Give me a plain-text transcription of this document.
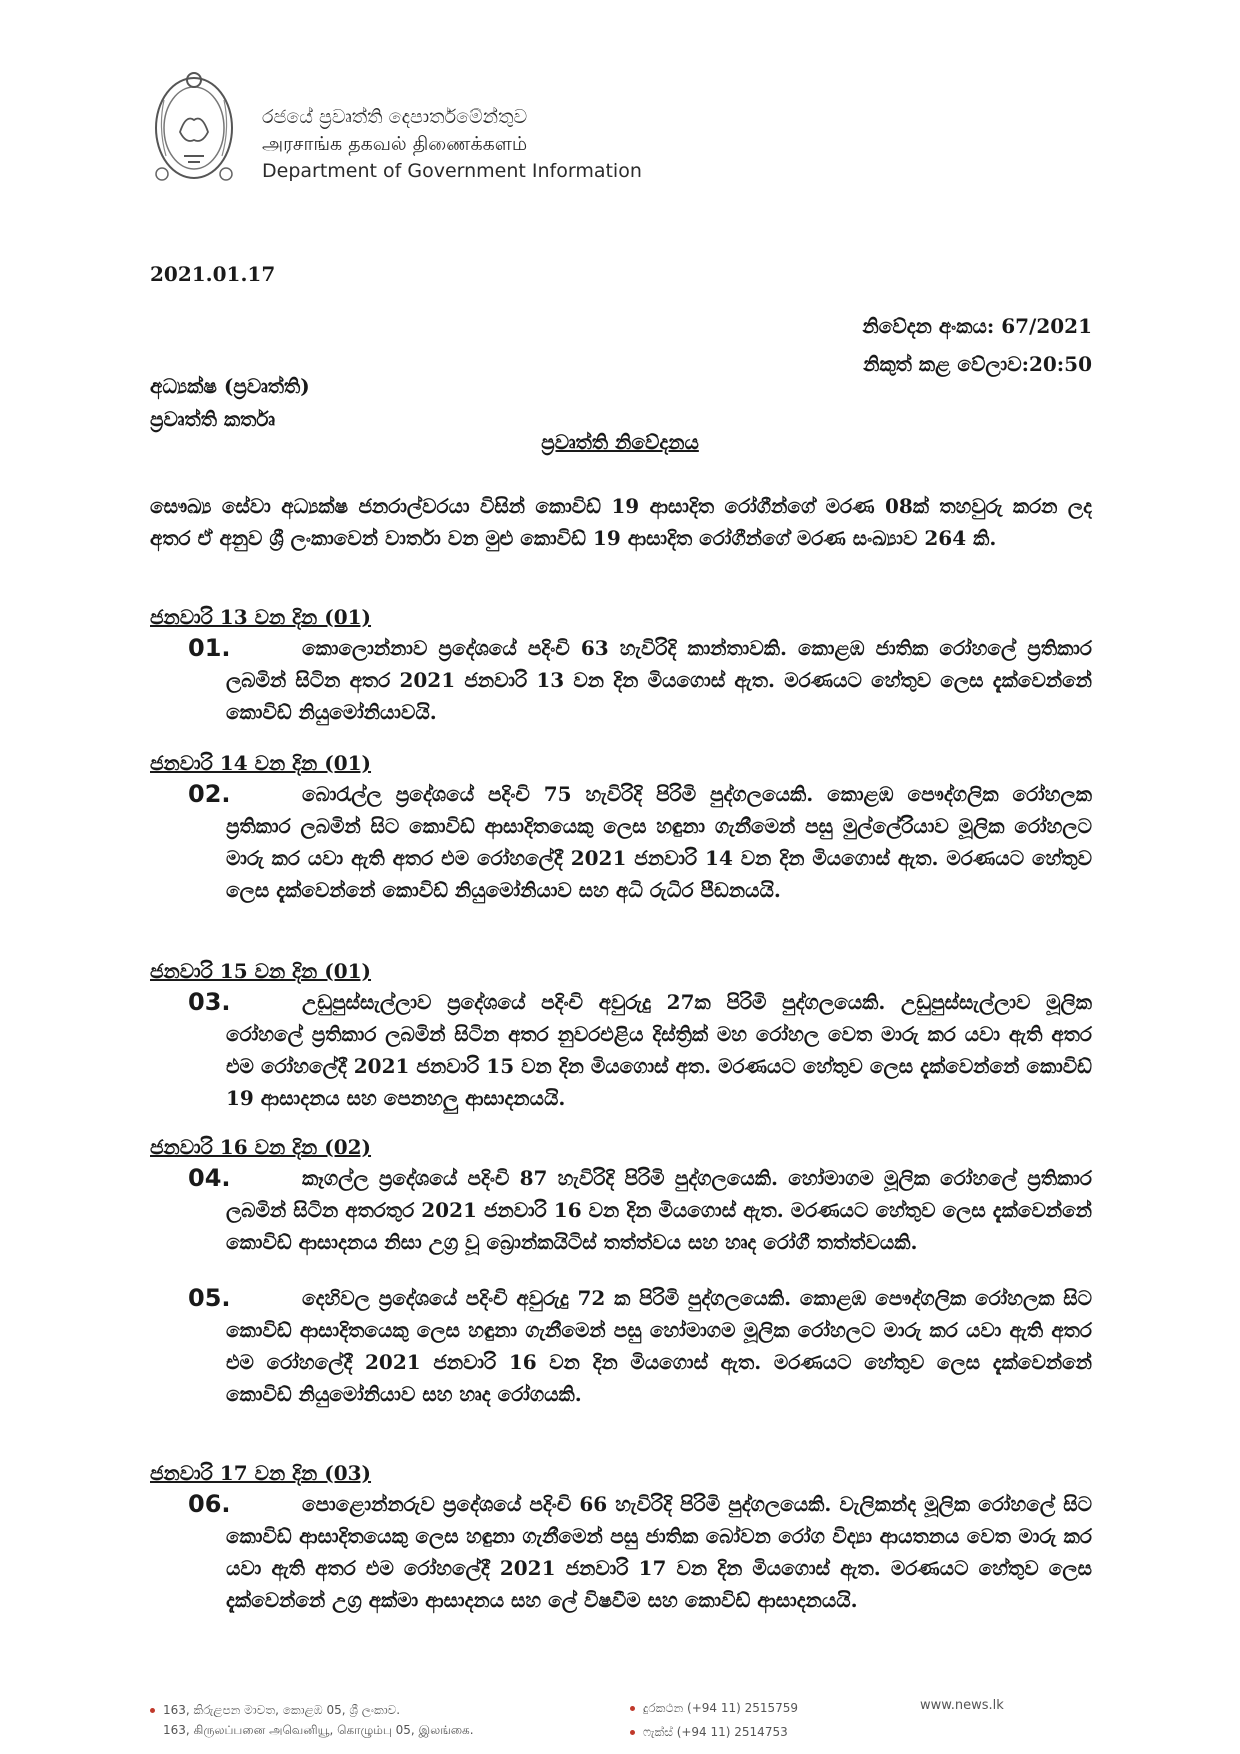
රජයේ ප්‍රවෘත්ති දෙපාර්තමේන්තුව
அரசாங்க தகவல் திணைக்களம்
Department of Government Information
2021.01.17
නිවේදන අංකය: 67/2021
නිකුත් කළ වේලාව:20:50
අධ්‍යක්ෂ (ප්‍රවෘත්ති)
ප්‍රවෘත්ති කර්තෘ
ප්‍රවෘත්ති නිවේදනය
සෞඛ්‍ය සේවා අධ්‍යක්ෂ ජනරාල්වරයා විසින් කොවිඩ් 19 ආසාදිත රෝගීන්ගේ මරණ 08ක් තහවුරු කරන ලද අතර ඒ අනුව ශ්‍රී ලංකාවෙන් වාර්තා වන මුළු කොවිඩ් 19 ආසාදිත රෝගීන්ගේ මරණ සංඛ්‍යාව 264 කි.
ජනවාරි 13 වන දින (01)
01.	කොලොන්නාව ප්‍රදේශයේ පදිංචි 63 හැවිරිදි කාන්තාවකි. කොළඹ ජාතික රෝහලේ ප්‍රතිකාර ලබමින් සිටින අතර 2021 ජනවාරි 13 වන දින මියගොස් ඇත. මරණයට හේතුව ලෙස දැක්වෙන්නේ කොවිඩ් නියුමෝනියාවයි.
ජනවාරි 14 වන දින (01)
02.	බොරැල්ල ප්‍රදේශයේ පදිංචි 75 හැවිරිදි පිරිමි පුද්ගලයෙකි. කොළඹ පෞද්ගලික රෝහලක ප්‍රතිකාර ලබමින් සිට කොවිඩ් ආසාදිතයෙකු ලෙස හඳුනා ගැනීමෙන් පසු මුල්ලේරියාව මූලික රෝහලට මාරු කර යවා ඇති අතර එම රෝහලේදී 2021 ජනවාරි 14 වන දින මියගොස් ඇත. මරණයට හේතුව ලෙස දැක්වෙන්නේ කොවිඩ් නියුමෝනියාව සහ අධි රුධිර පීඩනයයි.
ජනවාරි 15 වන දින (01)
03.	උඩුපුස්සැල්ලාව ප්‍රදේශයේ පදිංචි අවුරුදු 27ක පිරිමි පුද්ගලයෙකි. උඩුපුස්සැල්ලාව මූලික රෝහලේ ප්‍රතිකාර ලබමින් සිටින අතර නුවරඑළිය දිස්ත්‍රික් මහ රෝහල වෙත මාරු කර යවා ඇති අතර එම රෝහලේදී 2021 ජනවාරි 15 වන දින මියගොස් අත. මරණයට හේතුව ලෙස දැක්වෙන්නේ කොවිඩ් 19 ආසාදනය සහ පෙනහලු ආසාදනයයි.
ජනවාරි 16 වන දින (02)
04.	කෑගල්ල ප්‍රදේශයේ පදිංචි 87 හැවිරිදි පිරිමි පුද්ගලයෙකි. හෝමාගම මූලික රෝහලේ ප්‍රතිකාර ලබමින් සිටින අතරතුර 2021 ජනවාරි 16 වන දින මියගොස් ඇත. මරණයට හේතුව ලෙස දැක්වෙන්නේ කොවිඩ් ආසාදනය නිසා උග්‍ර වූ බ්‍රොන්කයිටිස් තත්ත්වය සහ හෘද රෝගී තත්ත්වයකි.
05.	දෙහිවල ප්‍රදේශයේ පදිංචි අවුරුදු 72 ක පිරිමි පුද්ගලයෙකි. කොළඹ පෞද්ගලික රෝහලක සිට කොවිඩ් ආසාදිතයෙකු ලෙස හඳුනා ගැනීමෙන් පසු හෝමාගම මූලික රෝහලට මාරු කර යවා ඇති අතර එම රෝහලේදී 2021 ජනවාරි 16 වන දින මියගොස් ඇත. මරණයට හේතුව ලෙස දැක්වෙන්නේ කොවිඩ් නියුමෝනියාව සහ හෘද රෝගයකි.
ජනවාරි 17 වන දින (03)
06.	පොළොන්නරුව ප්‍රදේශයේ පදිංචි 66 හැවිරිදි පිරිමි පුද්ගලයෙකි. වැලිකන්ද මූලික රෝහලේ සිට කොවිඩ් ආසාදිතයෙකු ලෙස හඳුනා ගැනීමෙන් පසු ජාතික බෝවන රෝග විද්‍යා ආයතනය වෙත මාරු කර යවා ඇති අතර එම රෝහලේදී 2021 ජනවාරි 17 වන දින මියගොස් ඇත. මරණයට හේතුව ලෙස දැක්වෙන්නේ උග්‍ර අක්මා ආසාදනය සහ ලේ විෂවීම සහ කොවිඩ් ආසාදනයයි.
163, කිරුළපන මාවත, කොළඹ 05, ශ්‍රී ලංකාව.
163, கிருலப்பனை அவெனியூ, கொழும்பு 05, இலங்கை.
දුරකථන (+94 11) 2515759
ෆැක්ස් (+94 11) 2514753
www.news.lk
